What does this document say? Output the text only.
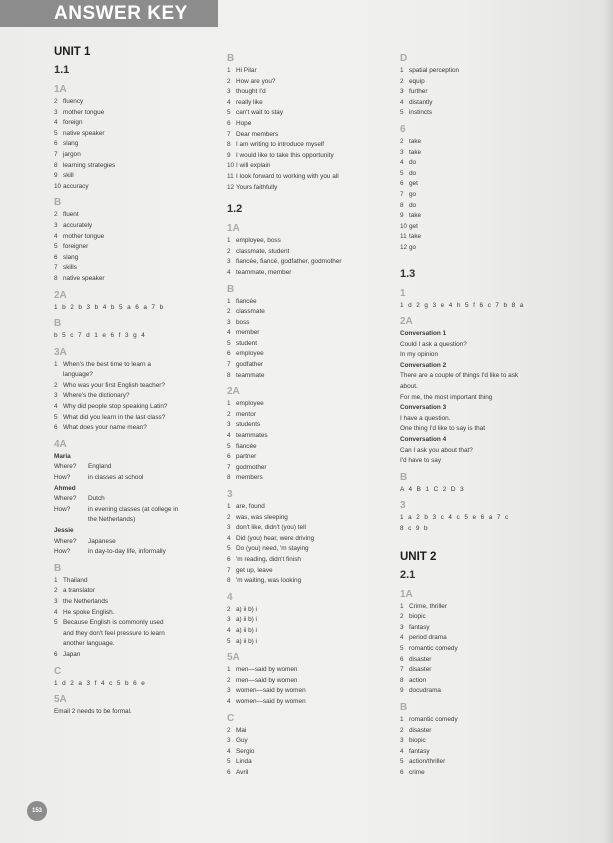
ANSWER KEY
UNIT 1
1.1
1A
2 fluency
3 mother tongue
4 foreign
5 native speaker
6 slang
7 jargon
8 learning strategies
9 skill
10 accuracy
B
2 fluent
3 accurately
4 mother tongue
5 foreigner
6 slang
7 skills
8 native speaker
2A
1 b 2 b 3 b 4 b 5 a 6 a 7 b
B
b 5 c 7 d 1 e 6 f 3 g 4
3A
1 When's the best time to learn a
language?
2 Who was your first English teacher?
3 Where's the dictionary?
4 Why did people stop speaking Latin?
5 What did you learn in the last class?
6 What does your name mean?
4A
Maria
Where? England
How?	in classes at school
Ahmed
Where? Dutch
How?	in evening classes (at college in
the Netherlands)
Jessie
Where? Japanese
How?	in day-to-day life, informally
B
1 Thailand
2 a translator
3 the Netherlands
4 He spoke English.
5 Because English is commonly used
and they don't feel pressure to learn
another language.
6 Japan
C
1 d 2 a 3 f 4 c 5 b 6 e
5A
Email 2 needs to be formal.
B
1 Hi Pilar
2 How are you?
3 thought I'd
4 really like
5 can't wait to stay
6 Hope
7 Dear members
8 I am writing to introduce myself
9 I would like to take this opportunity
10 I will explain
11 I look forward to working with you all
12 Yours faithfully
1.2
1A
1 employee, boss
2 classmate, student
3 fiancée, fiancé, godfather, godmother
4 teammate, member
B
1 fiancée
2 classmate
3 boss
4 member
5 student
6 employee
7 godfather
8 teammate
2A
1 employee
2 mentor
3 students
4 teammates
5 fiancée
6 partner
7 godmother
8 members
3
1 are, found
2 was, was sleeping
3 don't like, didn't (you) tell
4 Did (you) hear, were driving
5 Do (you) need, 'm staying
6 'm reading, didn't finish
7 get up, leave
8 'm waiting, was looking
4
2 a) ii b) i
3 a) ii b) i
4 a) ii b) i
5 a) ii b) i
5A
1 men—said by women
2 men—said by women
3 women—said by women
4 women—said by women
C
2 Mai
3 Guy
4 Sergio
5 Linda
6 Avril
D
1 spatial perception
2 equip
3 further
4 distantly
5 instincts
6
2 take
3 take
4 do
5 do
6 get
7 go
8 do
9 take
10 get
11 take
12 go
1.3
1
1 d 2 g 3 e 4 h 5 f 6 c 7 b 8 a
2A
Conversation 1
Could I ask a question?
In my opinion
Conversation 2
There are a couple of things I'd like to ask
about.
For me, the most important thing
Conversation 3
I have a question.
One thing I'd like to say is that
Conversation 4
Can I ask you about that?
I'd have to say
B
A 4 B 1 C 2 D 3
3
1 a 2 b 3 c 4 c 5 e 6 a 7 c
8 c 9 b
UNIT 2
2.1
1A
1 Crime, thriller
2 biopic
3 fantasy
4 period drama
5 romantic comedy
6 disaster
7 disaster
8 action
9 docudrama
B
1 romantic comedy
2 disaster
3 biopic
4 fantasy
5 action/thriller
6 crime
153
